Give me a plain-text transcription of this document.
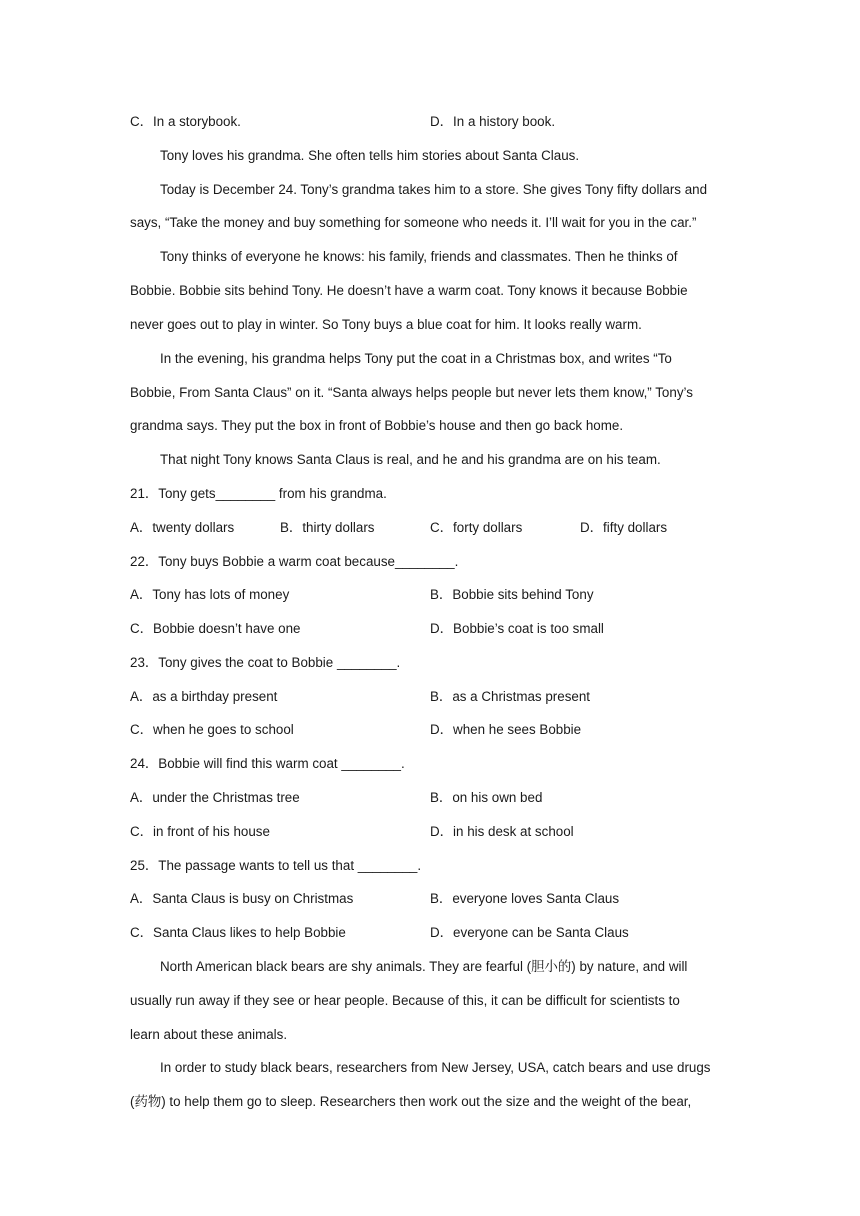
C．In a storybook.	D．In a history book.
Tony loves his grandma. She often tells him stories about Santa Claus.
Today is December 24. Tony’s grandma takes him to a store. She gives Tony fifty dollars and
says, “Take the money and buy something for someone who needs it. I’ll wait for you in the car.”
Tony thinks of everyone he knows: his family, friends and classmates. Then he thinks of
Bobbie. Bobbie sits behind Tony. He doesn’t have a warm coat. Tony knows it because Bobbie
never goes out to play in winter. So Tony buys a blue coat for him. It looks really warm.
In the evening, his grandma helps Tony put the coat in a Christmas box, and writes “To
Bobbie, From Santa Claus” on it. “Santa always helps people but never lets them know,” Tony’s
grandma says. They put the box in front of Bobbie’s house and then go back home.
That night Tony knows Santa Claus is real, and he and his grandma are on his team.
21．Tony gets________ from his grandma.
A．twenty dollars	B．thirty dollars	C．forty dollars	D．fifty dollars
22．Tony buys Bobbie a warm coat because________.
A．Tony has lots of money	B．Bobbie sits behind Tony
C．Bobbie doesn’t have one	D．Bobbie’s coat is too small
23．Tony gives the coat to Bobbie ________.
A．as a birthday present	B．as a Christmas present
C．when he goes to school	D．when he sees Bobbie
24．Bobbie will find this warm coat ________.
A．under the Christmas tree	B．on his own bed
C．in front of his house	D．in his desk at school
25．The passage wants to tell us that ________.
A．Santa Claus is busy on Christmas	B．everyone loves Santa Claus
C．Santa Claus likes to help Bobbie	D．everyone can be Santa Claus
North American black bears are shy animals. They are fearful (胆小的) by nature, and will
usually run away if they see or hear people. Because of this, it can be difficult for scientists to
learn about these animals.
In order to study black bears, researchers from New Jersey, USA, catch bears and use drugs
(药物) to help them go to sleep. Researchers then work out the size and the weight of the bear,
